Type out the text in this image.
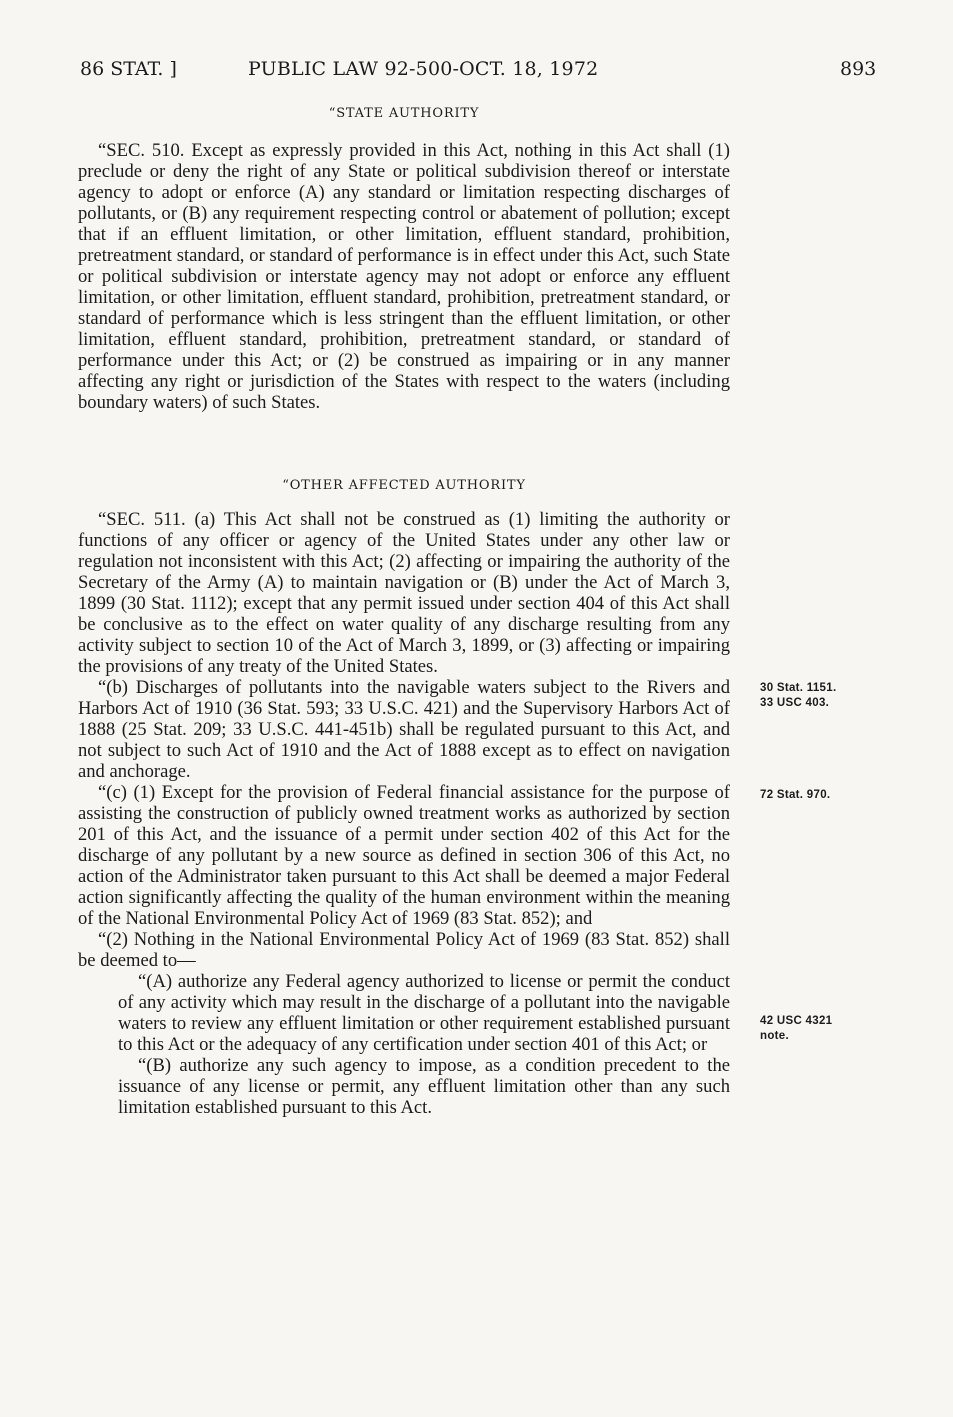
86 STAT. ]	PUBLIC LAW 92-500-OCT. 18, 1972	893
“STATE AUTHORITY

“SEC. 510. Except as expressly provided in this Act, nothing in this Act shall (1) preclude or deny the right of any State or political subdivision thereof or interstate agency to adopt or enforce (A) any standard or limitation respecting discharges of pollutants, or (B) any requirement respecting control or abatement of pollution; except that if an effluent limitation, or other limitation, effluent standard, prohibition, pretreatment standard, or standard of performance is in effect under this Act, such State or political subdivision or interstate agency may not adopt or enforce any effluent limitation, or other limitation, effluent standard, prohibition, pretreatment standard, or standard of performance which is less stringent than the effluent limitation, or other limitation, effluent standard, prohibition, pretreatment standard, or standard of performance under this Act; or (2) be construed as impairing or in any manner affecting any right or jurisdiction of the States with respect to the waters (including boundary waters) of such States.

“OTHER AFFECTED AUTHORITY

“SEC. 511. (a) This Act shall not be construed as (1) limiting the authority or functions of any officer or agency of the United States under any other law or regulation not inconsistent with this Act; (2) affecting or impairing the authority of the Secretary of the Army (A) to maintain navigation or (B) under the Act of March 3, 1899 (30 Stat. 1112); except that any permit issued under section 404 of this Act shall be conclusive as to the effect on water quality of any discharge resulting from any activity subject to section 10 of the Act of March 3, 1899, or (3) affecting or impairing the provisions of any treaty of the United States.

“(b) Discharges of pollutants into the navigable waters subject to the Rivers and Harbors Act of 1910 (36 Stat. 593; 33 U.S.C. 421) and the Supervisory Harbors Act of 1888 (25 Stat. 209; 33 U.S.C. 441-451b) shall be regulated pursuant to this Act, and not subject to such Act of 1910 and the Act of 1888 except as to effect on navigation and anchorage.

“(c) (1) Except for the provision of Federal financial assistance for the purpose of assisting the construction of publicly owned treatment works as authorized by section 201 of this Act, and the issuance of a permit under section 402 of this Act for the discharge of any pollutant by a new source as defined in section 306 of this Act, no action of the Administrator taken pursuant to this Act shall be deemed a major Federal action significantly affecting the quality of the human environment within the meaning of the National Environmental Policy Act of 1969 (83 Stat. 852); and

“(2) Nothing in the National Environmental Policy Act of 1969 (83 Stat. 852) shall be deemed to—

“(A) authorize any Federal agency authorized to license or permit the conduct of any activity which may result in the discharge of a pollutant into the navigable waters to review any effluent limitation or other requirement established pursuant to this Act or the adequacy of any certification under section 401 of this Act; or

“(B) authorize any such agency to impose, as a condition precedent to the issuance of any license or permit, any effluent limitation other than any such limitation established pursuant to this Act.

30 Stat. 1151.
33 USC 403.
72 Stat. 970.
42 USC 4321
note.
